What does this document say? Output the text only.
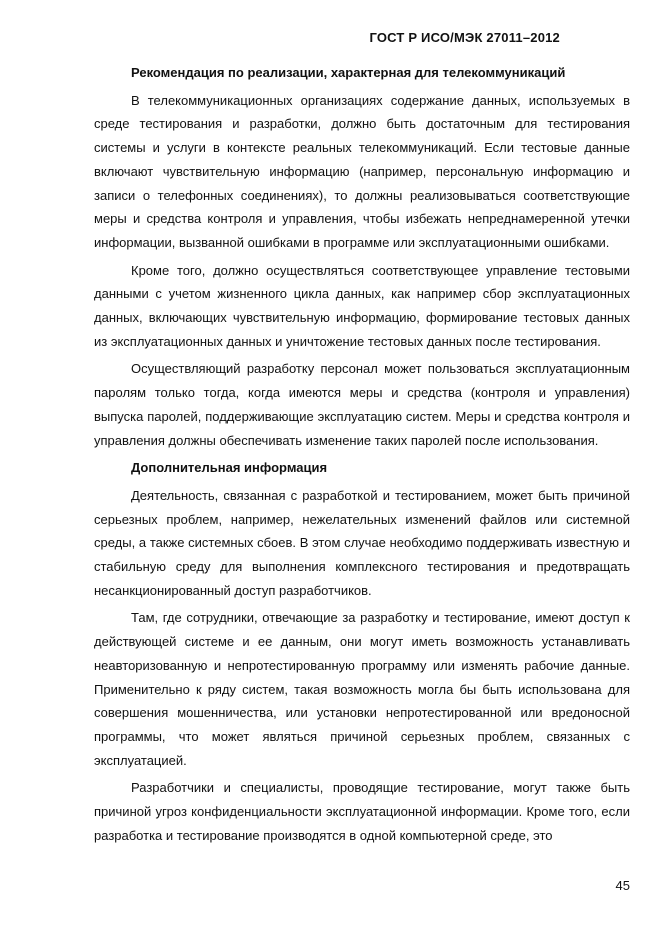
ГОСТ Р ИСО/МЭК 27011–2012

Рекомендация по реализации, характерная для телекоммуникаций

В телекоммуникационных организациях содержание данных, используемых в среде тестирования и разработки, должно быть достаточным для тестирования системы и услуги в контексте реальных телекоммуникаций. Если тестовые данные включают чувствительную информацию (например, персональную информацию и записи о телефонных соединениях), то должны реализовываться соответствующие меры и средства контроля и управления, чтобы избежать непреднамеренной утечки информации, вызванной ошибками в программе или эксплуатационными ошибками.

Кроме того, должно осуществляться соответствующее управление тестовыми данными с учетом жизненного цикла данных, как например сбор эксплуатационных данных, включающих чувствительную информацию, формирование тестовых данных из эксплуатационных данных и уничтожение тестовых данных после тестирования.

Осуществляющий разработку персонал может пользоваться эксплуатационным паролям только тогда, когда имеются меры и средства (контроля и управления) выпуска паролей, поддерживающие эксплуатацию систем. Меры и средства контроля и управления должны обеспечивать изменение таких паролей после использования.

Дополнительная информация

Деятельность, связанная с разработкой и тестированием, может быть причиной серьезных проблем, например, нежелательных изменений файлов или системной среды, а также системных сбоев. В этом случае необходимо поддерживать известную и стабильную среду для выполнения комплексного тестирования и предотвращать несанкционированный доступ разработчиков.

Там, где сотрудники, отвечающие за разработку и тестирование, имеют доступ к действующей системе и ее данным, они могут иметь возможность устанавливать неавторизованную и непротестированную программу или изменять рабочие данные. Применительно к ряду систем, такая возможность могла бы быть использована для совершения мошенничества, или установки непротестированной или вредоносной программы, что может являться причиной серьезных проблем, связанных с эксплуатацией.

Разработчики и специалисты, проводящие тестирование, могут также быть причиной угроз конфиденциальности эксплуатационной информации. Кроме того, если разработка и тестирование производятся в одной компьютерной среде, это

45
